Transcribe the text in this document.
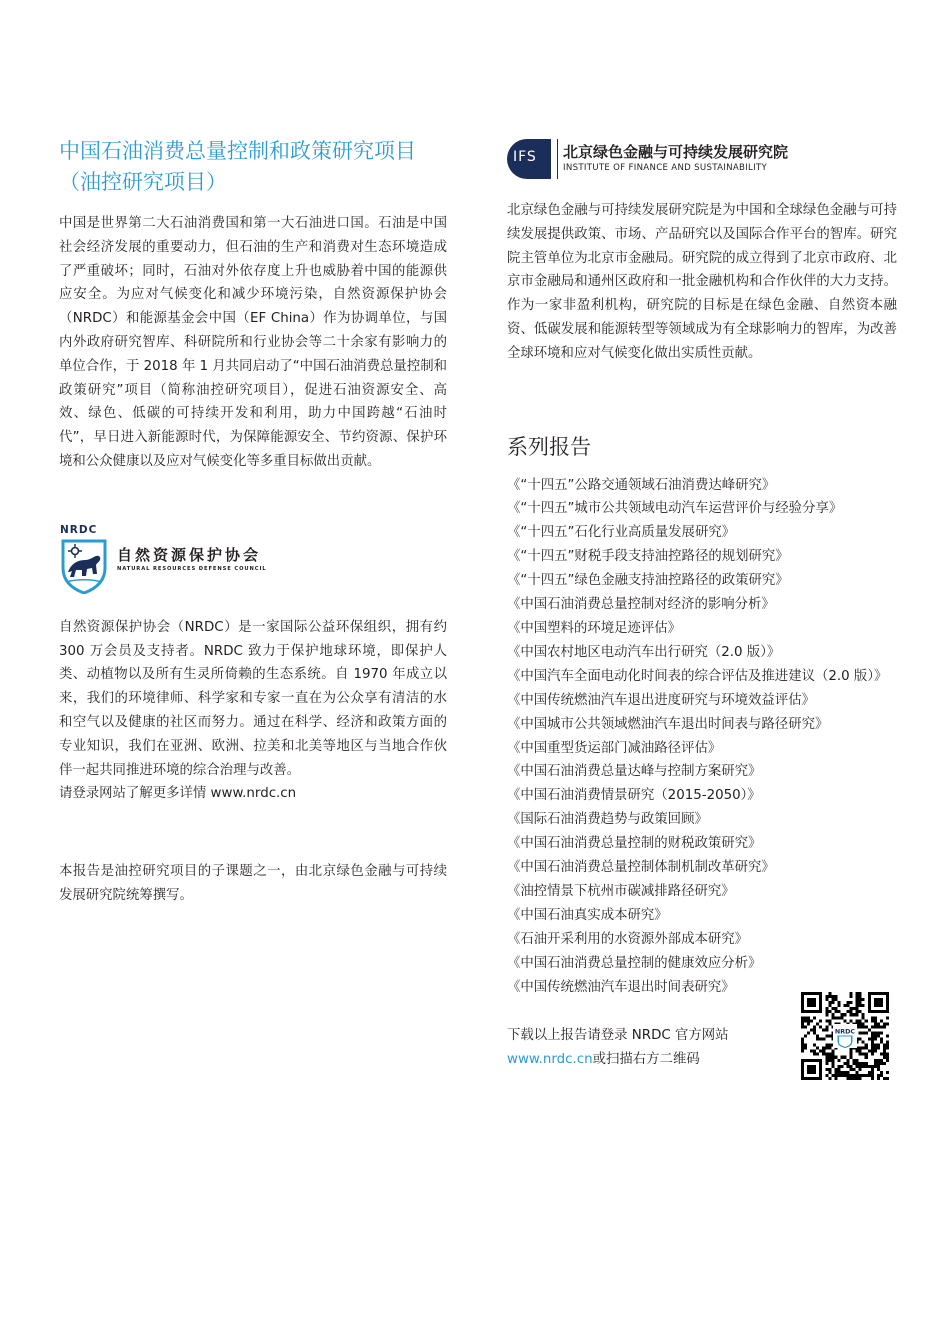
中国石油消费总量控制和政策研究项目
（油控研究项目）

中国是世界第二大石油消费国和第一大石油进口国。石油是中国社会经济发展的重要动力，但石油的生产和消费对生态环境造成了严重破坏；同时，石油对外依存度上升也威胁着中国的能源供应安全。为应对气候变化和减少环境污染，自然资源保护协会（NRDC）和能源基金会中国（EF China）作为协调单位，与国内外政府研究智库、科研院所和行业协会等二十余家有影响力的单位合作，于 2018 年 1 月共同启动了“中国石油消费总量控制和政策研究”项目（简称油控研究项目），促进石油资源安全、高效、绿色、低碳的可持续开发和利用，助力中国跨越“石油时代”，早日进入新能源时代，为保障能源安全、节约资源、保护环境和公众健康以及应对气候变化等多重目标做出贡献。

NRDC
自然资源保护协会
NATURAL RESOURCES DEFENSE COUNCIL

自然资源保护协会（NRDC）是一家国际公益环保组织，拥有约 300 万会员及支持者。NRDC 致力于保护地球环境，即保护人类、动植物以及所有生灵所倚赖的生态系统。自 1970 年成立以来，我们的环境律师、科学家和专家一直在为公众享有清洁的水和空气以及健康的社区而努力。通过在科学、经济和政策方面的专业知识，我们在亚洲、欧洲、拉美和北美等地区与当地合作伙伴一起共同推进环境的综合治理与改善。

请登录网站了解更多详情 www.nrdc.cn

本报告是油控研究项目的子课题之一，由北京绿色金融与可持续发展研究院统筹撰写。

IFS 北京绿色金融与可持续发展研究院
INSTITUTE OF FINANCE AND SUSTAINABILITY

北京绿色金融与可持续发展研究院是为中国和全球绿色金融与可持续发展提供政策、市场、产品研究以及国际合作平台的智库。研究院主管单位为北京市金融局。研究院的成立得到了北京市政府、北京市金融局和通州区政府和一批金融机构和合作伙伴的大力支持。作为一家非盈利机构，研究院的目标是在绿色金融、自然资本融资、低碳发展和能源转型等领域成为有全球影响力的智库，为改善全球环境和应对气候变化做出实质性贡献。

系列报告
《“十四五”公路交通领域石油消费达峰研究》
《“十四五”城市公共领域电动汽车运营评价与经验分享》
《“十四五”石化行业高质量发展研究》
《“十四五”财税手段支持油控路径的规划研究》
《“十四五”绿色金融支持油控路径的政策研究》
《中国石油消费总量控制对经济的影响分析》
《中国塑料的环境足迹评估》
《中国农村地区电动汽车出行研究（2.0 版）》
《中国汽车全面电动化时间表的综合评估及推进建议（2.0 版）》
《中国传统燃油汽车退出进度研究与环境效益评估》
《中国城市公共领域燃油汽车退出时间表与路径研究》
《中国重型货运部门减油路径评估》
《中国石油消费总量达峰与控制方案研究》
《中国石油消费情景研究（2015-2050）》
《国际石油消费趋势与政策回顾》
《中国石油消费总量控制的财税政策研究》
《中国石油消费总量控制体制机制改革研究》
《油控情景下杭州市碳减排路径研究》
《中国石油真实成本研究》
《石油开采利用的水资源外部成本研究》
《中国石油消费总量控制的健康效应分析》
《中国传统燃油汽车退出时间表研究》
下载以上报告请登录 NRDC 官方网站
www.nrdc.cn或扫描右方二维码
NRDC
